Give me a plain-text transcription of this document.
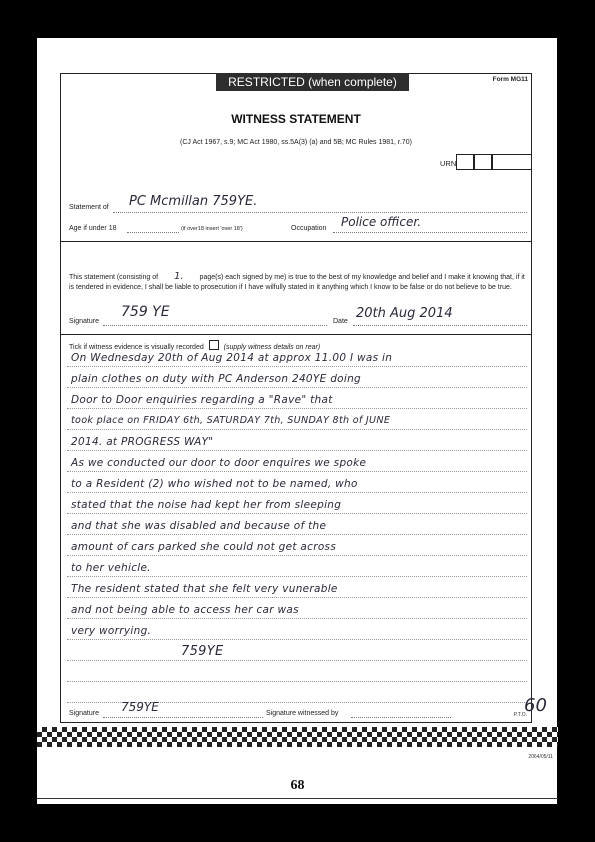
RESTRICTED (when complete)	Form MG11
WITNESS STATEMENT
(CJ Act 1967, s.9; MC Act 1980, ss.5A(3) (a) and 5B; MC Rules 1981, r.70)
URN
Statement of PC Mcmillan 759YE.
Age if under 18	(if over18 insert 'over 18')	Occupation Police officer.
This statement (consisting of 1. page(s) each signed by me) is true to the best of my knowledge and belief and I make it knowing that, if it is tendered in evidence, I shall be liable to prosecution if I have wilfully stated in it anything which I know to be false or do not believe to be true.
Signature
759 YE
Date
20th Aug 2014
Tick if witness evidence is visually recorded	(supply witness details on rear)
On Wednesday 20th of Aug 2014 at approx 11.00 I was in
plain clothes on duty with PC Anderson 240YE doing
Door to Door enquiries regarding a "Rave" that
took place on FRIDAY 6th, SATURDAY 7th, SUNDAY 8th of JUNE
2014. at PROGRESS WAY"
As we conducted our door to door enquires we spoke
to a Resident (2) who wished not to be named, who
stated that the noise had kept her from sleeping
and that she was disabled and because of the
amount of cars parked she could not get across
to her vehicle.
The resident stated that she felt very vunerable
and not being able to access her car was
very worrying.
759YE
Signature 759YE	Signature witnessed by	P.T.O.
60
2064/05/11
68
